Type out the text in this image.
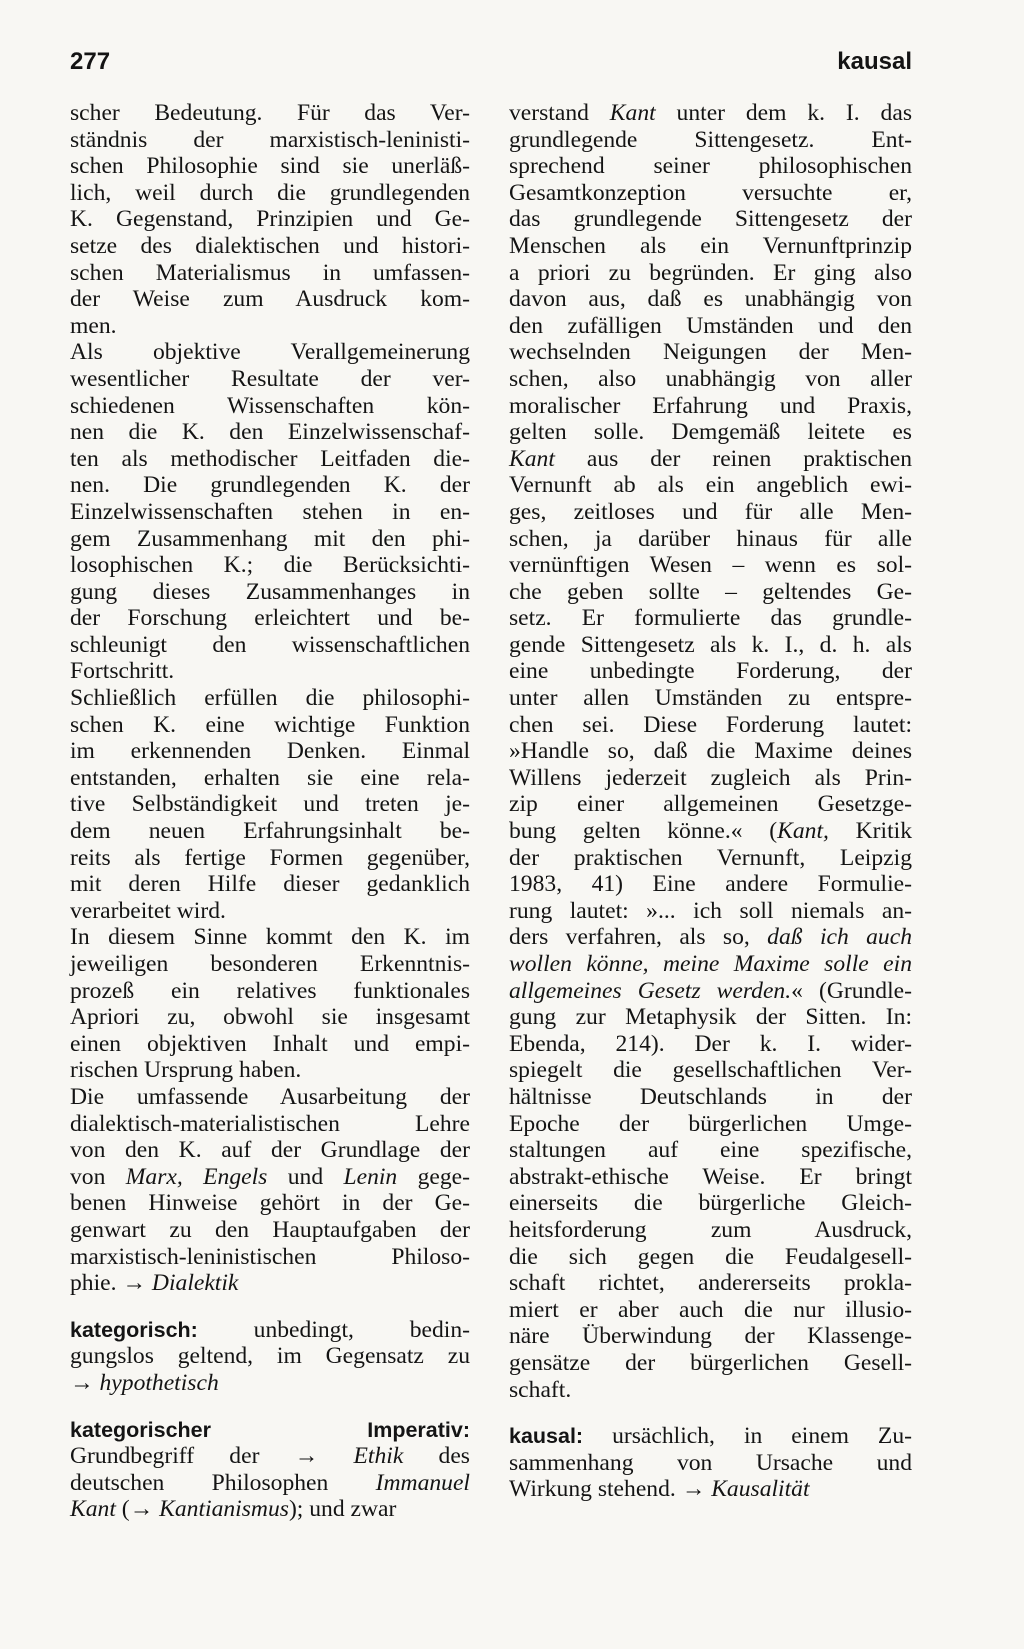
277	kausal
scher Bedeutung. Für das Ver-
ständnis der marxistisch-leninisti-
schen Philosophie sind sie unerläß-
lich, weil durch die grundlegenden
K. Gegenstand, Prinzipien und Ge-
setze des dialektischen und histori-
schen Materialismus in umfassen-
der Weise zum Ausdruck kom-
men.
Als objektive Verallgemeinerung
wesentlicher Resultate der ver-
schiedenen Wissenschaften kön-
nen die K. den Einzelwissenschaf-
ten als methodischer Leitfaden die-
nen. Die grundlegenden K. der
Einzelwissenschaften stehen in en-
gem Zusammenhang mit den phi-
losophischen K.; die Berücksichti-
gung dieses Zusammenhanges in
der Forschung erleichtert und be-
schleunigt den wissenschaftlichen
Fortschritt.
Schließlich erfüllen die philosophi-
schen K. eine wichtige Funktion
im erkennenden Denken. Einmal
entstanden, erhalten sie eine rela-
tive Selbständigkeit und treten je-
dem neuen Erfahrungsinhalt be-
reits als fertige Formen gegenüber,
mit deren Hilfe dieser gedanklich
verarbeitet wird.
In diesem Sinne kommt den K. im
jeweiligen besonderen Erkenntnis-
prozeß ein relatives funktionales
Apriori zu, obwohl sie insgesamt
einen objektiven Inhalt und empi-
rischen Ursprung haben.
Die umfassende Ausarbeitung der
dialektisch-materialistischen Lehre
von den K. auf der Grundlage der
von Marx, Engels und Lenin gege-
benen Hinweise gehört in der Ge-
genwart zu den Hauptaufgaben der
marxistisch-leninistischen Philoso-
phie. → Dialektik
kategorisch: unbedingt, bedin-
gungslos geltend, im Gegensatz zu
→ hypothetisch
kategorischer Imperativ:
Grundbegriff der → Ethik des
deutschen Philosophen Immanuel
Kant (→ Kantianismus); und zwar
verstand Kant unter dem k. I. das
grundlegende Sittengesetz. Ent-
sprechend seiner philosophischen
Gesamtkonzeption versuchte er,
das grundlegende Sittengesetz der
Menschen als ein Vernunftprinzip
a priori zu begründen. Er ging also
davon aus, daß es unabhängig von
den zufälligen Umständen und den
wechselnden Neigungen der Men-
schen, also unabhängig von aller
moralischer Erfahrung und Praxis,
gelten solle. Demgemäß leitete es
Kant aus der reinen praktischen
Vernunft ab als ein angeblich ewi-
ges, zeitloses und für alle Men-
schen, ja darüber hinaus für alle
vernünftigen Wesen – wenn es sol-
che geben sollte – geltendes Ge-
setz. Er formulierte das grundle-
gende Sittengesetz als k. I., d. h. als
eine unbedingte Forderung, der
unter allen Umständen zu entspre-
chen sei. Diese Forderung lautet:
»Handle so, daß die Maxime deines
Willens jederzeit zugleich als Prin-
zip einer allgemeinen Gesetzge-
bung gelten könne.« (Kant, Kritik
der praktischen Vernunft, Leipzig
1983, 41) Eine andere Formulie-
rung lautet: »... ich soll niemals an-
ders verfahren, als so, daß ich auch
wollen könne, meine Maxime solle ein
allgemeines Gesetz werden.« (Grundle-
gung zur Metaphysik der Sitten. In:
Ebenda, 214). Der k. I. wider-
spiegelt die gesellschaftlichen Ver-
hältnisse Deutschlands in der
Epoche der bürgerlichen Umge-
staltungen auf eine spezifische,
abstrakt-ethische Weise. Er bringt
einerseits die bürgerliche Gleich-
heitsforderung zum Ausdruck,
die sich gegen die Feudalgesell-
schaft richtet, andererseits prokla-
miert er aber auch die nur illusio-
näre Überwindung der Klassenge-
gensätze der bürgerlichen Gesell-
schaft.
kausal: ursächlich, in einem Zu-
sammenhang von Ursache und
Wirkung stehend. → Kausalität
